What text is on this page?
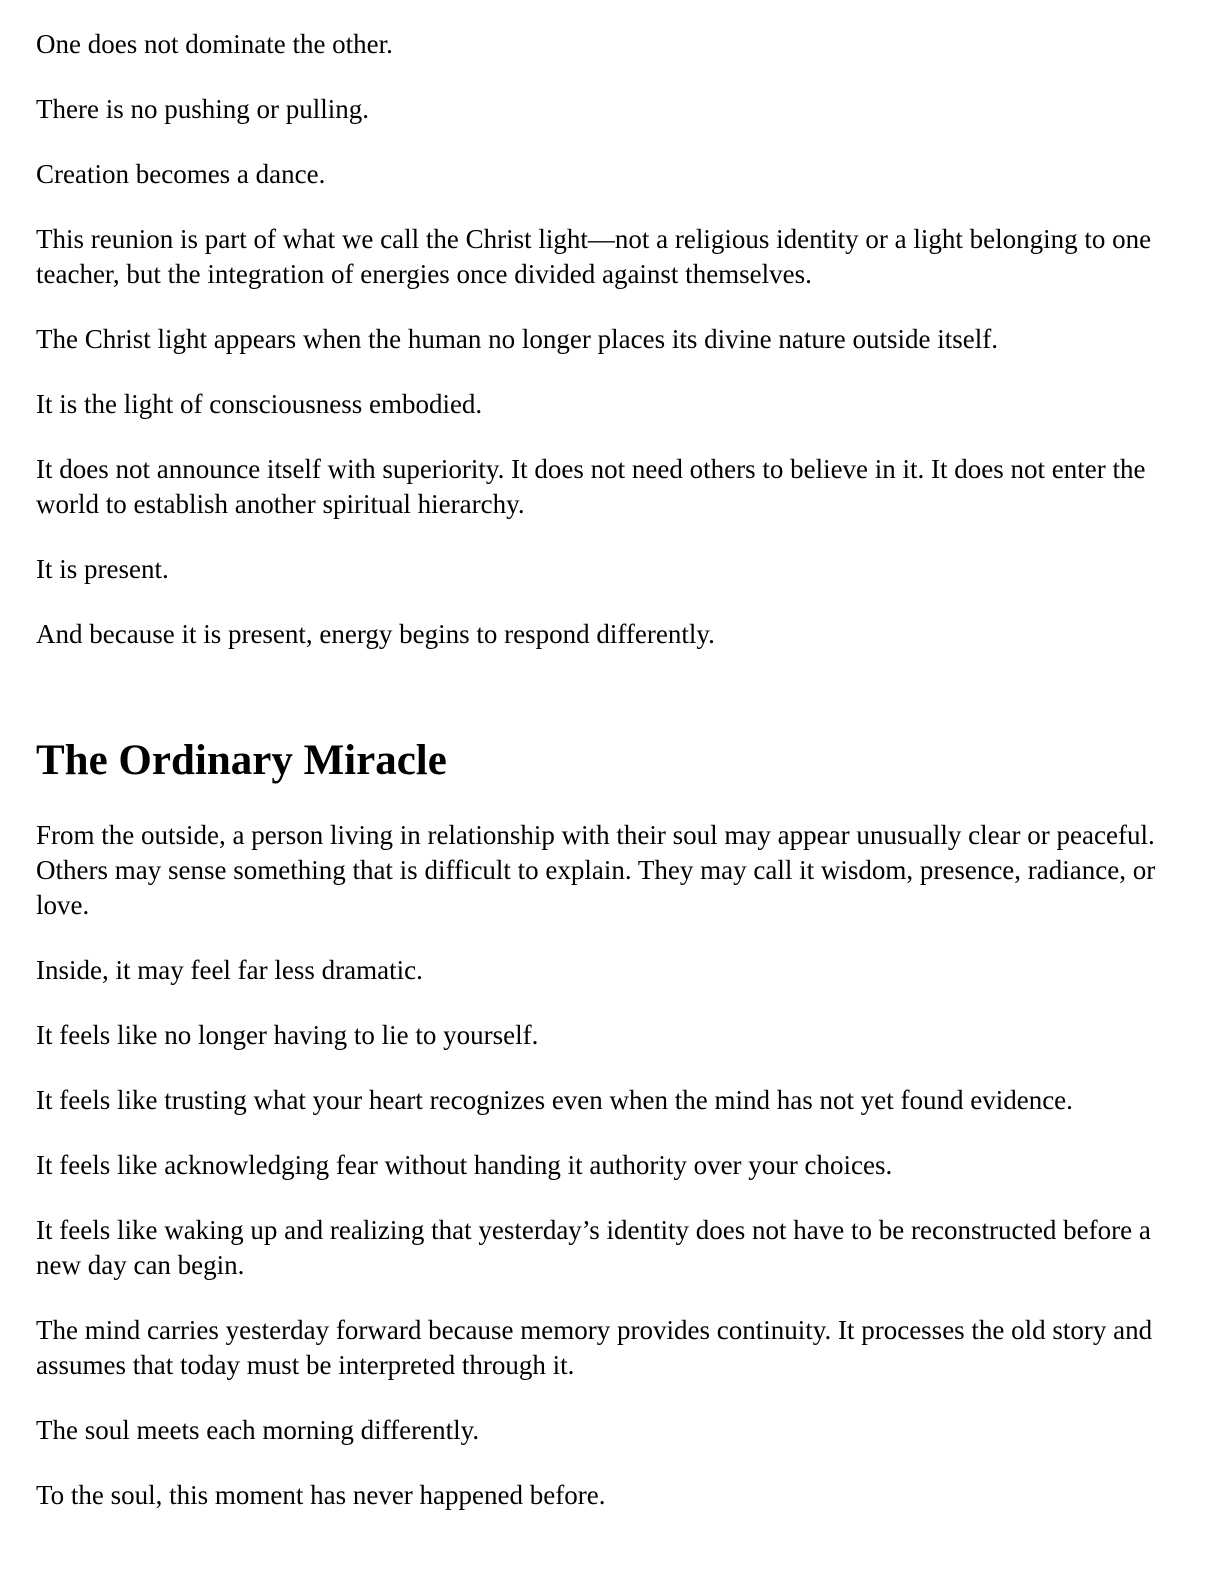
One does not dominate the other.

There is no pushing or pulling.

Creation becomes a dance.

This reunion is part of what we call the Christ light—not a religious identity or a light belonging to one teacher, but the integration of energies once divided against themselves.

The Christ light appears when the human no longer places its divine nature outside itself.

It is the light of consciousness embodied.

It does not announce itself with superiority. It does not need others to believe in it. It does not enter the world to establish another spiritual hierarchy.

It is present.

And because it is present, energy begins to respond differently.

The Ordinary Miracle

From the outside, a person living in relationship with their soul may appear unusually clear or peaceful. Others may sense something that is difficult to explain. They may call it wisdom, presence, radiance, or love.

Inside, it may feel far less dramatic.

It feels like no longer having to lie to yourself.

It feels like trusting what your heart recognizes even when the mind has not yet found evidence.

It feels like acknowledging fear without handing it authority over your choices.

It feels like waking up and realizing that yesterday’s identity does not have to be reconstructed before a new day can begin.

The mind carries yesterday forward because memory provides continuity. It processes the old story and assumes that today must be interpreted through it.

The soul meets each morning differently.

To the soul, this moment has never happened before.
